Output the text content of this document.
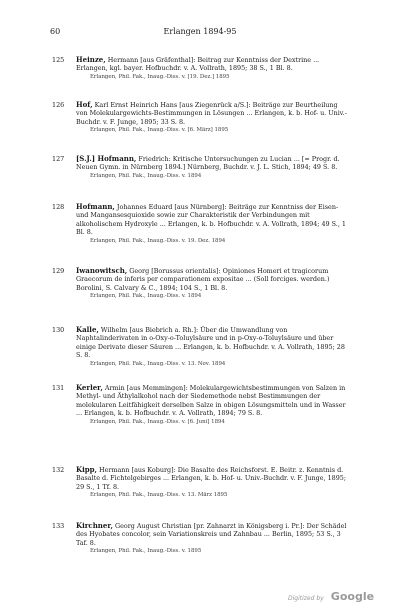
60	Erlangen 1894-95
125	Heinze, Hermann [aus Gräfenthal]: Beitrag zur Kenntniss der Dextrine ... Erlangen, kgl. bayer. Hofbuchdr. v. A. Vollrath, 1895; 38 S., 1 Bl. 8.
Erlangen, Phil. Fak., Inaug.-Diss. v. [19. Dez.] 1895
126	Hof, Karl Ernst Heinrich Hans [aus Ziegenrück a/S.]: Beiträge zur Beurtheilung von Molekulargewichts-Bestimmungen in Lösungen ... Erlangen, k. b. Hof- u. Univ.-Buchdr. v. F. Junge, 1895; 33 S. 8.
Erlangen, Phil. Fak., Inaug.-Diss. v. [6. März] 1895
127	[S.J.] Hofmann, Friedrich: Kritische Untersuchungen zu Lucian ... [= Progr. d. Neuen Gymn. in Nürnberg 1894.] Nürnberg, Buchdr. v. J. L. Stich, 1894; 49 S. 8.
Erlangen, Phil. Fak., Inaug.-Diss. v. 1894
128	Hofmann, Johannes Eduard [aus Nürnberg]: Beiträge zur Kenntniss der Eisen- und Mangansesquioxide sowie zur Charakteristik der Verbindungen mit alkoholischem Hydroxyle ... Erlangen, k. b. Hofbuchdr. v. A. Vollrath, 1894; 49 S., 1 Bl. 8.
Erlangen, Phil. Fak., Inaug.-Diss. v. 19. Dez. 1894
129	Iwanowitsch, Georg [Borussus orientalis]: Opiniones Homeri et tragicorum Graecorum de inferis per comparationem expositae ... (Soll forciges. werden.) Borolini, S. Calvary & C., 1894; 104 S., 1 Bl. 8.
Erlangen, Phil. Fak., Inaug.-Diss. v. 1894
130	Kalle, Wilhelm [aus Biebrich a. Rh.]: Über die Umwandlung von Naphtalinderivaten in o-Oxy-o-Toluylsäure und in p-Oxy-o-Toluylsäure und über einige Derivate dieser Säuren ... Erlangen, k. b. Hofbuchdr. v. A. Vollrath, 1895; 28 S. 8.
Erlangen, Phil. Fak., Inaug.-Diss. v. 13. Nov. 1894
131	Kerler, Armin [aus Memmingen]: Molekulargewichtsbestimmungen von Salzen in Methyl- und Äthylalkohol nach der Siedemethode nebst Bestimmungen der molekularen Leitfähigkeit derselben Salze in obigen Lösungsmitteln und in Wasser ... Erlangen, k. b. Hofbuchdr. v. A. Vollrath, 1894; 79 S. 8.
Erlangen, Phil. Fak., Inaug.-Diss. v. [6. Juni] 1894
132	Kipp, Hermann [aus Koburg]: Die Basalte des Reichsforst. E. Beitr. z. Kenntnis d. Basalte d. Fichtelgebirges ... Erlangen, k. b. Hof- u. Univ.-Buchdr. v. F. Junge, 1895; 29 S., 1 Tf. 8.
Erlangen, Phil. Fak., Inaug.-Diss. v. 13. März 1895
133	Kirchner, Georg August Christian [pr. Zahnarzt in Königsberg i. Pr.]: Der Schädel des Hyobates concolor, sein Variationskreis und Zahnbau ... Berlin, 1895; 53 S., 3 Taf. 8.
Erlangen, Phil. Fak., Inaug.-Diss. v. 1895
Digitized by Google
